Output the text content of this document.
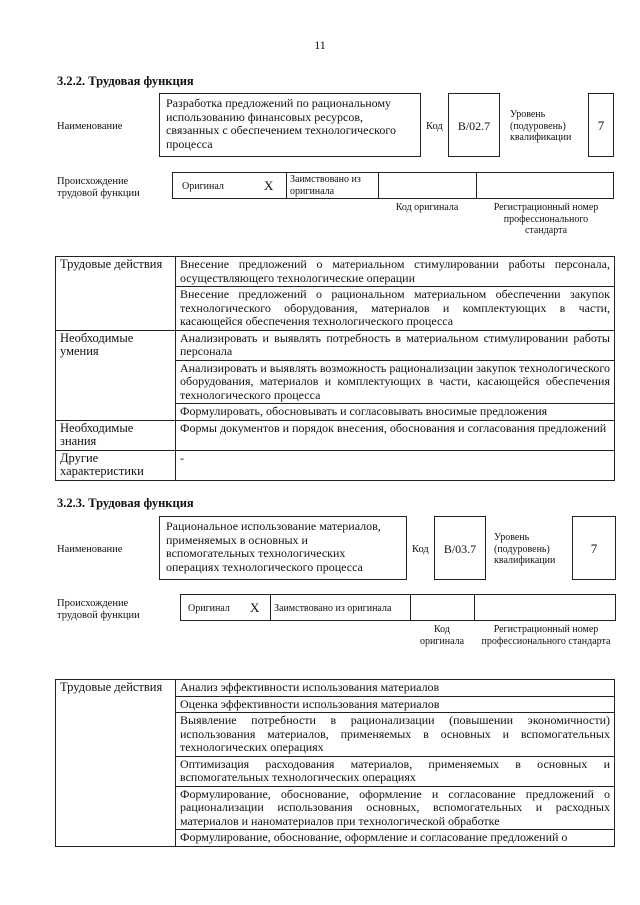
11
3.2.2. Трудовая функция
Наименование
Разработка предложений по рациональному использованию финансовых ресурсов, связанных с обеспечением технологического процесса
Код	B/02.7
Уровень (подуровень) квалификации
7
Происхождение трудовой функции
Оригинал	X Заимствовано из оригинала
Код оригинала	Регистрационный номер профессионального стандарта
Трудовые действия	Внесение предложений о материальном стимулировании работы персонала, осуществляющего технологические операции
	Внесение предложений о рациональном материальном обеспечении закупок технологического оборудования, материалов и комплектующих в части, касающейся обеспечения технологического процесса
Необходимые умения	Анализировать и выявлять потребность в материальном стимулировании работы персонала
	Анализировать и выявлять возможность рационализации закупок технологического оборудования, материалов и комплектующих в части, касающейся обеспечения технологического процесса
	Формулировать, обосновывать и согласовывать вносимые предложения
Необходимые знания	Формы документов и порядок внесения, обоснования и согласования предложений
Другие характеристики	-
3.2.3. Трудовая функция
Наименование
Рациональное использование материалов, применяемых в основных и вспомогательных технологических операциях технологического процесса
Код	B/03.7
Уровень (подуровень) квалификации
7
Происхождение трудовой функции
Оригинал X Заимствовано из оригинала
Код оригинала
Регистрационный номер профессионального стандарта
Трудовые действия	Анализ эффективности использования материалов
Оценка эффективности использования материалов
Выявление потребности в рационализации (повышении экономичности) использования материалов, применяемых в основных и вспомогательных технологических операциях
Оптимизация расходования материалов, применяемых в основных и вспомогательных технологических операциях
Формулирование, обоснование, оформление и согласование предложений о рационализации использования основных, вспомогательных и расходных материалов и наноматериалов при технологической обработке
Формулирование, обоснование, оформление и согласование предложений о
